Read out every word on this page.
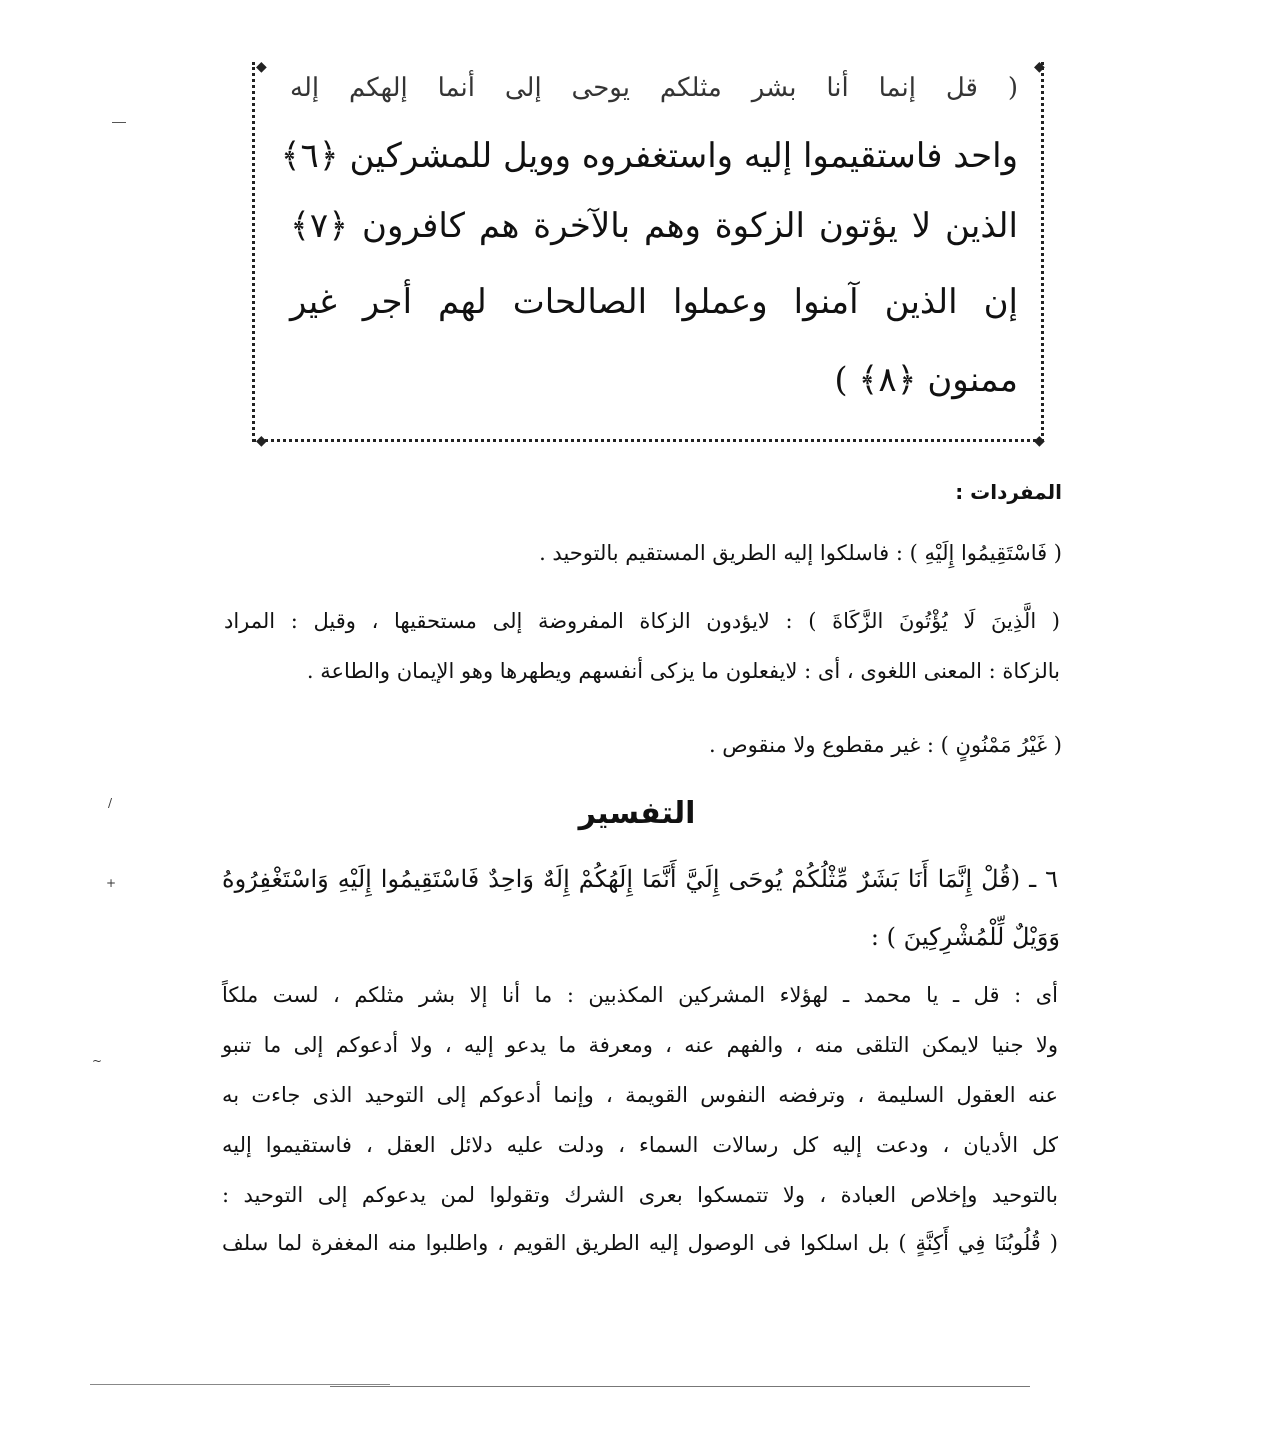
◆	◆
◆	◆
( قل إنما أنا بشر مثلكم يوحى إلى أنما إلهكم إله
واحد فاستقيموا إليه واستغفروه وويل للمشركين ﴿٦﴾
الذين لا يؤتون الزكوة وهم بالآخرة هم كافرون ﴿٧﴾
إن الذين آمنوا وعملوا الصالحات لهم أجر غير
ممنون ﴿٨﴾ )
المفردات :
( فَاسْتَقِيمُوا إِلَيْهِ ) : فاسلكوا إليه الطريق المستقيم بالتوحيد .
( الَّذِينَ لَا يُؤْتُونَ الزَّكَاةَ ) : لايؤدون الزكاة المفروضة إلى مستحقيها ، وقيل : المراد
بالزكاة : المعنى اللغوى ، أى : لايفعلون ما يزكى أنفسهم ويطهرها وهو الإيمان والطاعة .
( غَيْرُ مَمْنُونٍ ) : غير مقطوع ولا منقوص .
التفسير
٦ ـ (قُلْ إِنَّمَا أَنَا بَشَرٌ مِّثْلُكُمْ يُوحَى إِلَيَّ أَنَّمَا إِلَهُكُمْ إِلَهٌ وَاحِدٌ فَاسْتَقِيمُوا إِلَيْهِ وَاسْتَغْفِرُوهُ
وَوَيْلٌ لِّلْمُشْرِكِينَ ) :
أى : قل ـ يا محمد ـ لهؤلاء المشركين المكذبين : ما أنا إلا بشر مثلكم ، لست ملكاً
ولا جنيا لايمكن التلقى منه ، والفهم عنه ، ومعرفة ما يدعو إليه ، ولا أدعوكم إلى ما تنبو
عنه العقول السليمة ، وترفضه النفوس القويمة ، وإنما أدعوكم إلى التوحيد الذى جاءت به
كل الأديان ، ودعت إليه كل رسالات السماء ، ودلت عليه دلائل العقل ، فاستقيموا إليه
بالتوحيد وإخلاص العبادة ، ولا تتمسكوا بعرى الشرك وتقولوا لمن يدعوكم إلى التوحيد :
( قُلُوبُنَا فِي أَكِنَّةٍ ) بل اسلكوا فى الوصول إليه الطريق القويم ، واطلبوا منه المغفرة لما سلف
+
~
/
